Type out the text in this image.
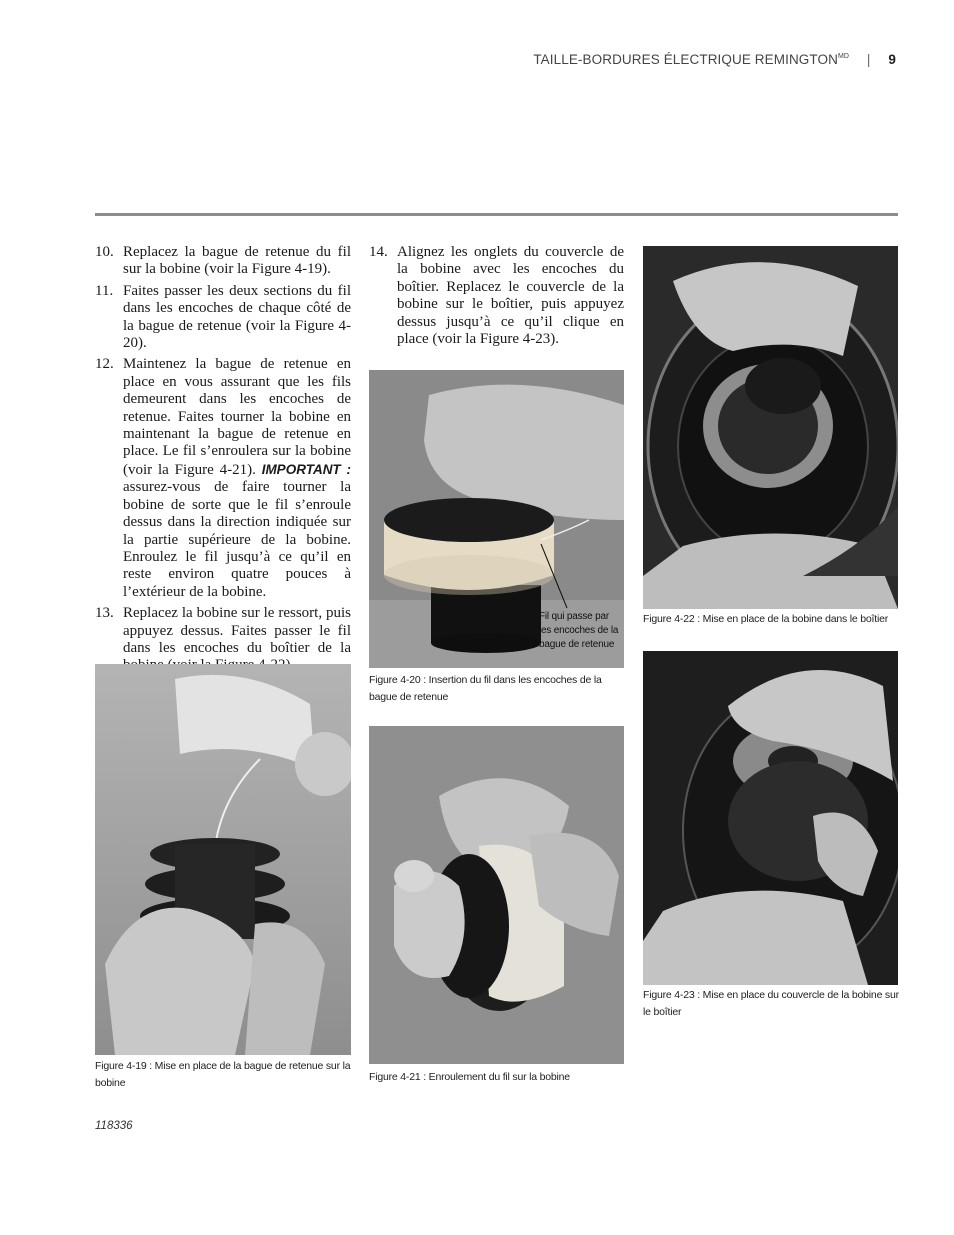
TAILLE-BORDURES ÉLECTRIQUE $REMINGTON^{MD}$ | 9
10. Replacez la bague de retenue du fil sur la bobine (voir la Figure 4-19).
11. Faites passer les deux sections du fil dans les encoches de chaque côté de la bague de retenue (voir la Figure 4-20).
12. Maintenez la bague de retenue en place en vous assurant que les fils demeurent dans les encoches de retenue. Faites tourner la bobine en maintenant la bague de retenue en place. Le fil s’enroulera sur la bobine (voir la Figure 4-21). IMPORTANT : assurez-vous de faire tourner la bobine de sorte que le fil s’enroule dessus dans la direction indiquée sur la partie supérieure de la bobine. Enroulez le fil jusqu’à ce qu’il en reste environ quatre pouces à l’extérieur de la bobine.
13. Replacez la bobine sur le ressort, puis appuyez dessus. Faites passer le fil dans les encoches du boîtier de la
14. Alignez les onglets du couvercle de la bobine avec les encoches du boîtier. Replacez le couvercle de la bobine sur le boîtier, puis appuyez dessus jusqu’à ce qu’il clique en place (voir la Figure 4-23).
Figure 4-19 : Mise en place de la bague de retenue sur la bobine
Fil qui passe par les encoches de la bague de retenue
Figure 4-20 : Insertion du fil dans les encoches de la bague de retenue
Figure 4-21 : Enroulement du fil sur la bobine
Figure 4-22 : Mise en place de la bobine dans le boîtier
Figure 4-23 : Mise en place du couvercle de la bobine sur le boîtier
118336
